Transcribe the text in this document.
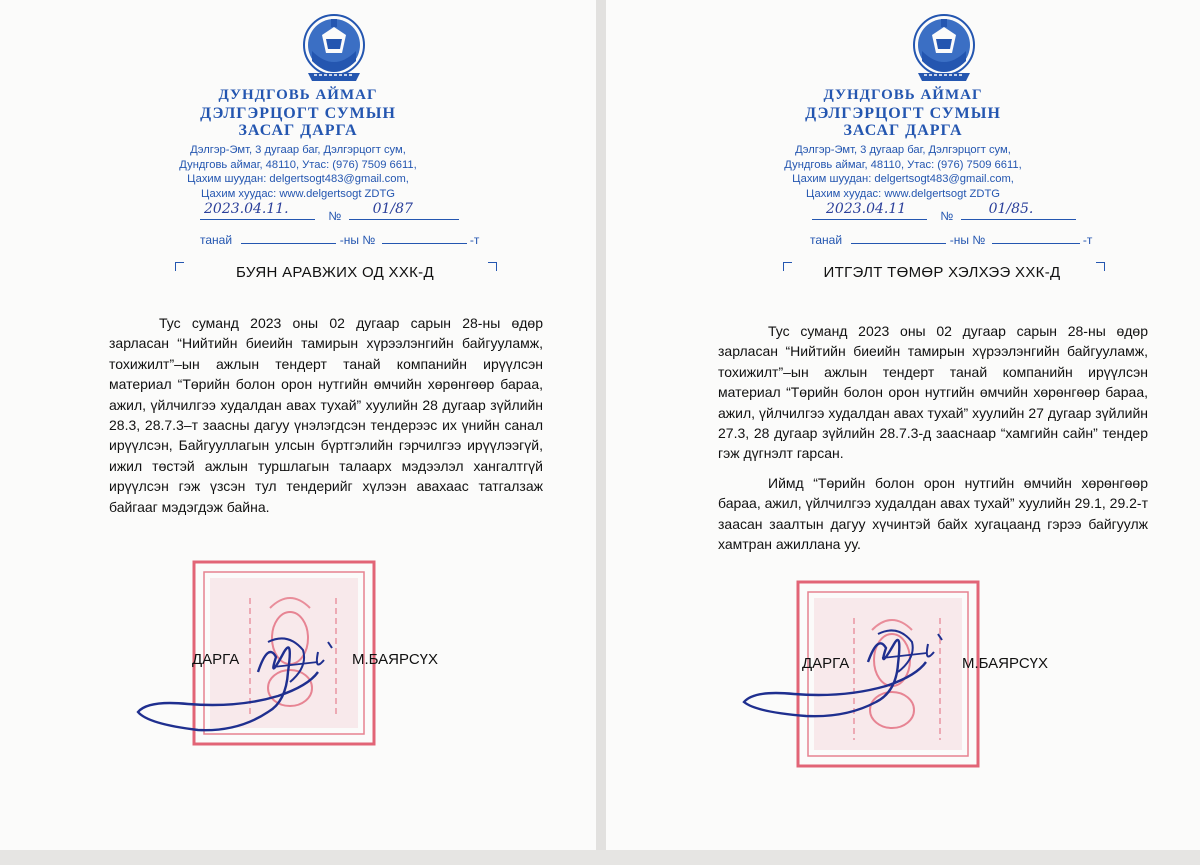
ДУНДГОВЬ АЙМАГ
ДЭЛГЭРЦОГТ СУМЫН
ЗАСАГ ДАРГА
Дэлгэр-Эмт, 3 дугаар баг, Дэлгэрцогт сум,
Дундговь аймаг, 48110, Утас: (976) 7509 6611,
Цахим шуудан: delgertsogt483@gmail.com,
Цахим хуудас: www.delgertsogt ZDTG
2023.04.11.	№ 01/87
танай	-ны №	-т
БУЯН АРАВЖИХ ОД ХХК-Д

Тус суманд 2023 оны 02 дугаар сарын 28-ны өдөр зарласан “Нийтийн биеийн тамирын хүрээлэнгийн байгууламж, тохижилт”–ын ажлын тендерт танай компанийн ирүүлсэн материал “Төрийн болон орон нутгийн өмчийн хөрөнгөөр бараа, ажил, үйлчилгээ худалдан авах тухай” хуулийн 28 дугаар зүйлийн 28.3, 28.7.3–т заасны дагуу үнэлэгдсэн тендерээс их үнийн санал ирүүлсэн, Байгууллагын улсын бүртгэлийн гэрчилгээ ирүүлээгүй, ижил төстэй ажлын туршлагын талаарх мэдээлэл хангалтгүй ирүүлсэн гэж үзсэн тул тендерийг хүлээн авахаас татгалзаж байгааг мэдэгдэж байна.

ДАРГА	М.БАЯРСҮХ
ДУНДГОВЬ АЙМАГ
ДЭЛГЭРЦОГТ СУМЫН
ЗАСАГ ДАРГА
Дэлгэр-Эмт, 3 дугаар баг, Дэлгэрцогт сум,
Дундговь аймаг, 48110, Утас: (976) 7509 6611,
Цахим шуудан: delgertsogt483@gmail.com,
Цахим хуудас: www.delgertsogt ZDTG
2023.04.11	№	01/85.
танай	-ны №	-т
ИТГЭЛТ ТӨМӨР ХЭЛХЭЭ ХХК-Д

Тус суманд 2023 оны 02 дугаар сарын 28-ны өдөр зарласан “Нийтийн биеийн тамирын хүрээлэнгийн байгууламж, тохижилт”–ын ажлын тендерт танай компанийн ирүүлсэн материал “Төрийн болон орон нутгийн өмчийн хөрөнгөөр бараа, ажил, үйлчилгээ худалдан авах тухай” хуулийн 27 дугаар зүйлийн 27.3, 28 дугаар зүйлийн 28.7.3-д зааснаар “хамгийн сайн” тендер гэж дүгнэлт гарсан.

Иймд “Төрийн болон орон нутгийн өмчийн хөрөнгөөр бараа, ажил, үйлчилгээ худалдан авах тухай” хуулийн 29.1, 29.2-т заасан заалтын дагуу хүчинтэй байх хугацаанд гэрээ байгуулж хамтран ажиллана уу.

ДАРГА	М.БАЯРСҮХ
